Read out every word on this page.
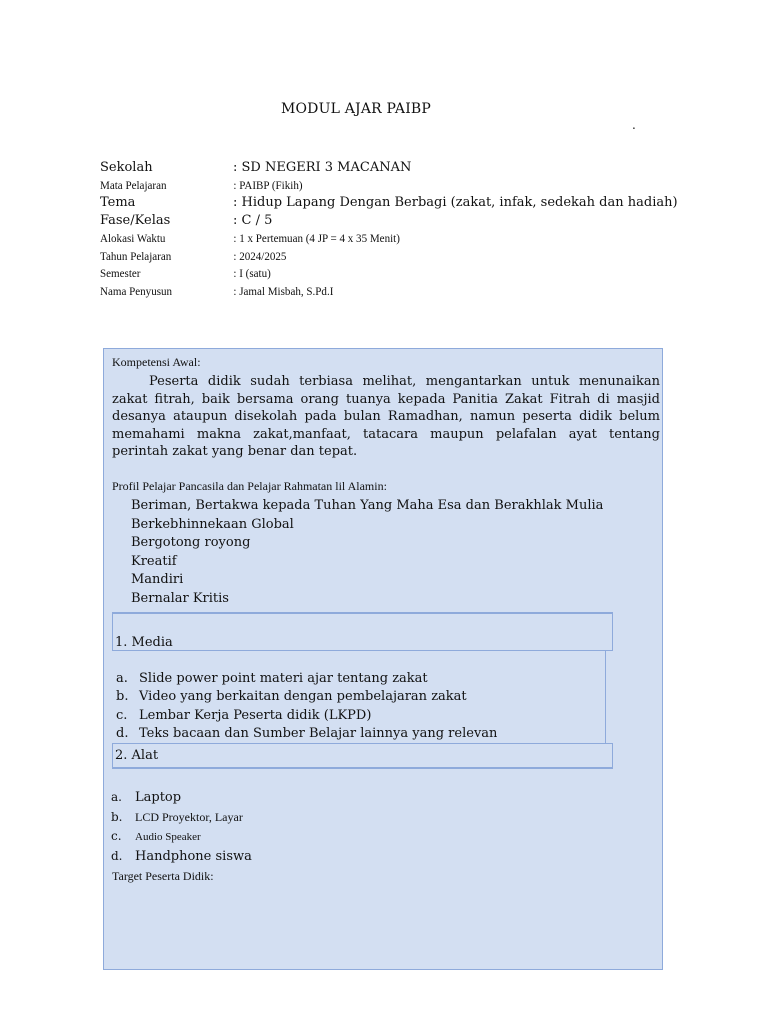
MODUL AJAR PAIBP
.
Sekolah	: SD NEGERI 3 MACANAN
Mata Pelajaran	: PAIBP (Fikih)
Tema	: Hidup Lapang Dengan Berbagi (zakat, infak, sedekah dan hadiah)
Fase/Kelas	: C / 5
Alokasi Waktu	: 1 x Pertemuan (4 JP = 4 x 35 Menit)
Tahun Pelajaran	: 2024/2025
Semester	: I (satu)
Nama Penyusun	: Jamal Misbah, S.Pd.I
Kompetensi Awal:
Peserta didik sudah terbiasa melihat, mengantarkan untuk menunaikan zakat fitrah, baik bersama orang tuanya kepada Panitia Zakat Fitrah di masjid desanya ataupun disekolah pada bulan Ramadhan, namun peserta didik belum memahami makna zakat,manfaat, tatacara maupun pelafalan ayat tentang perintah zakat yang benar dan tepat.
Profil Pelajar Pancasila dan Pelajar Rahmatan lil Alamin:
Beriman, Bertakwa kepada Tuhan Yang Maha Esa dan Berakhlak Mulia
Berkebhinnekaan Global
Bergotong royong
Kreatif
Mandiri
Bernalar Kritis
1. Media
a. Slide power point materi ajar tentang zakat
b. Video yang berkaitan dengan pembelajaran zakat
c. Lembar Kerja Peserta didik (LKPD)
d. Teks bacaan dan Sumber Belajar lainnya yang relevan
2. Alat
a. Laptop
b. LCD Proyektor, Layar
c. Audio Speaker
d. Handphone siswa
Target Peserta Didik:
